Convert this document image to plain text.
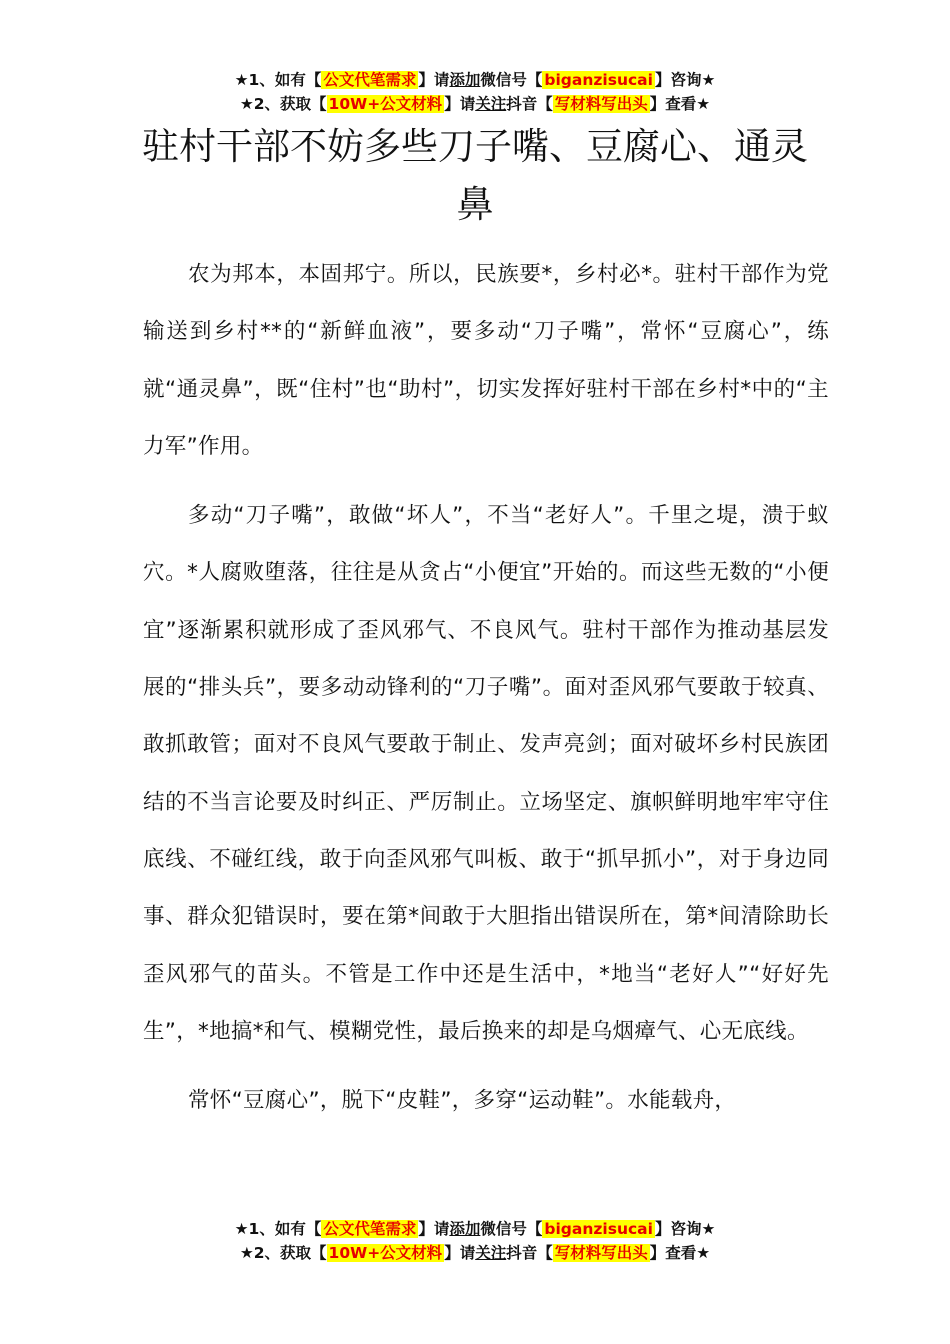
★1、如有【 公文代笔需求 】请添加微信号【 biganzisucai 】咨询★
★2、获取【 10W+公文材料 】请关注抖音【 写材料写出头 】查看★
驻村干部不妨多些刀子嘴、豆腐心、通灵鼻

农为邦本，本固邦宁。所以，民族要*，乡村必*。驻村干部作为党输送到乡村**的“新鲜血液”，要多动“刀子嘴”，常怀“豆腐心”，练就“通灵鼻”，既“住村”也“助村”，切实发挥好驻村干部在乡村*中的“主力军”作用。

多动“刀子嘴”，敢做“坏人”，不当“老好人”。千里之堤，溃于蚁穴。*人腐败堕落，往往是从贪占“小便宜”开始的。而这些无数的“小便宜”逐渐累积就形成了歪风邪气、不良风气。驻村干部作为推动基层发展的“排头兵”，要多动动锋利的“刀子嘴”。面对歪风邪气要敢于较真、敢抓敢管；面对不良风气要敢于制止、发声亮剑；面对破坏乡村民族团结的不当言论要及时纠正、严厉制止。立场坚定、旗帜鲜明地牢牢守住底线、不碰红线，敢于向歪风邪气叫板、敢于“抓早抓小”，对于身边同事、群众犯错误时，要在第*间敢于大胆指出错误所在，第*间清除助长歪风邪气的苗头。不管是工作中还是生活中，*地当“老好人”“好好先生”，*地搞*和气、模糊党性，最后换来的却是乌烟瘴气、心无底线。

常怀“豆腐心”，脱下“皮鞋”，多穿“运动鞋”。水能载舟，

★1、如有【 公文代笔需求 】请添加微信号【 biganzisucai 】咨询★
★2、获取【 10W+公文材料 】请关注抖音【 写材料写出头 】查看★
